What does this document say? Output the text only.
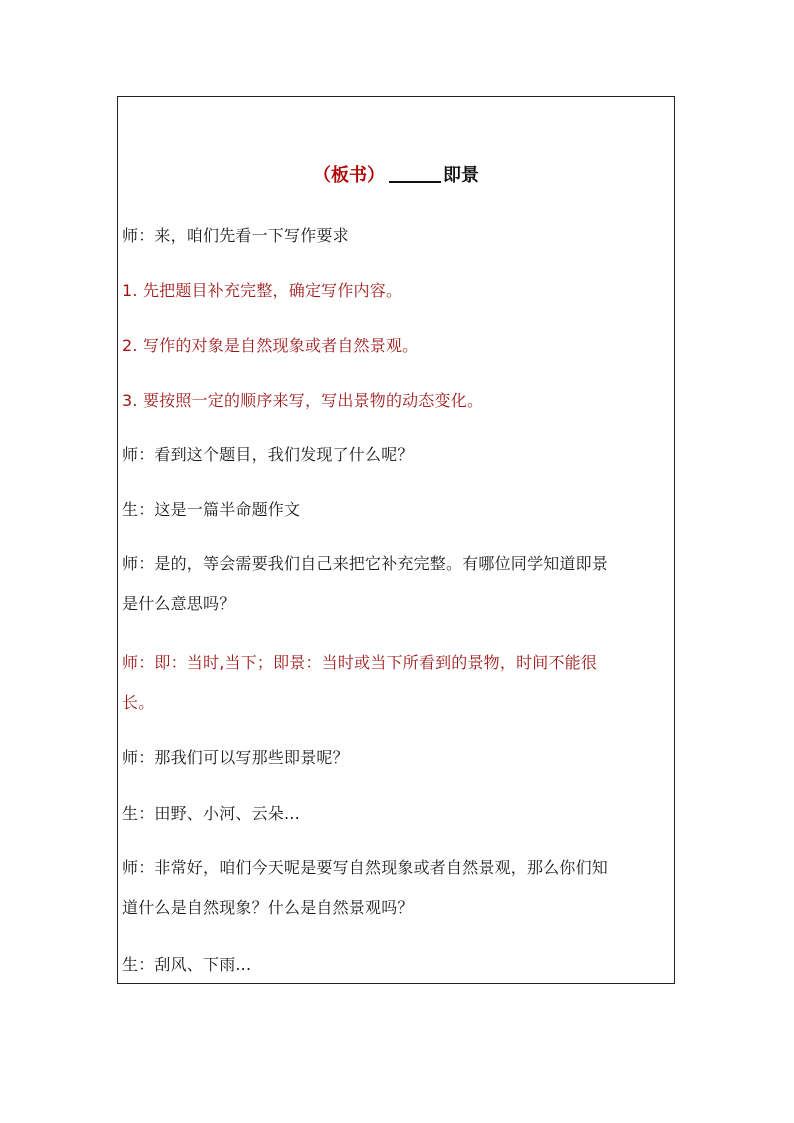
（板书）	即景
师：来，咱们先看一下写作要求
1. 先把题目补充完整，确定写作内容。
2. 写作的对象是自然现象或者自然景观。
3. 要按照一定的顺序来写，写出景物的动态变化。
师：看到这个题目，我们发现了什么呢？
生：这是一篇半命题作文
师：是的，等会需要我们自己来把它补充完整。有哪位同学知道即景
是什么意思吗？
师：即：当时,当下；即景：当时或当下所看到的景物，时间不能很
长。
师：那我们可以写那些即景呢？
生：田野、小河、云朵...
师：非常好，咱们今天呢是要写自然现象或者自然景观，那么你们知
道什么是自然现象？什么是自然景观吗？
生：刮风、下雨...
